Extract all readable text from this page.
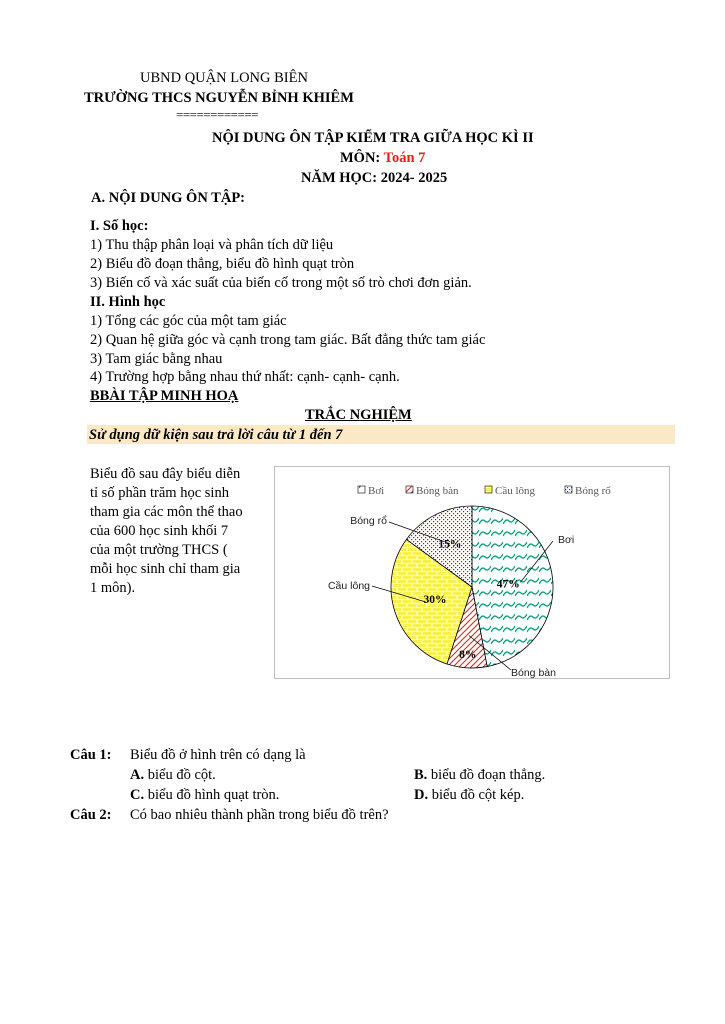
UBND QUẬN LONG BIÊN
TRƯỜNG THCS NGUYỄN BỈNH KHIÊM
============
NỘI DUNG ÔN TẬP KIỂM TRA GIỮA HỌC KÌ II
MÔN: Toán 7
NĂM HỌC: 2024- 2025
A. NỘI DUNG ÔN TẬP:
I. Số học:
1) Thu thập phân loại và phân tích dữ liệu
2) Biểu đồ đoạn thẳng, biểu đồ hình quạt tròn
3) Biến cố và xác suất của biến cố trong một số trò chơi đơn giản.
II. Hình học
1) Tổng các góc của một tam giác
2) Quan hệ giữa góc và cạnh trong tam giác. Bất đẳng thức tam giác
3) Tam giác bằng nhau
4) Trường hợp bằng nhau thứ nhất: cạnh- cạnh- cạnh.
BBÀI TẬP MINH HOẠ
TRẮC NGHIỆM
Sử dụng dữ kiện sau trả lời câu từ 1 đến 7
Biểu đồ sau đây biểu diễn
tỉ số phần trăm học sinh
tham gia các môn thể thao
của 600 học sinh khối 7
của một trường THCS (
mỗi học sinh chỉ tham gia
1 môn).
Bơi	Bóng bàn	Cầu lông	Bóng rổ
47%
8%
30%
15%	Bơi
Bóng bàn
Cầu lông
Bóng rổ
Câu 1: Biểu đồ ở hình trên có dạng là
A. biểu đồ cột.	B. biểu đồ đoạn thẳng.
C. biểu đồ hình quạt tròn.	D. biểu đồ cột kép.
Câu 2: Có bao nhiêu thành phần trong biểu đồ trên?
